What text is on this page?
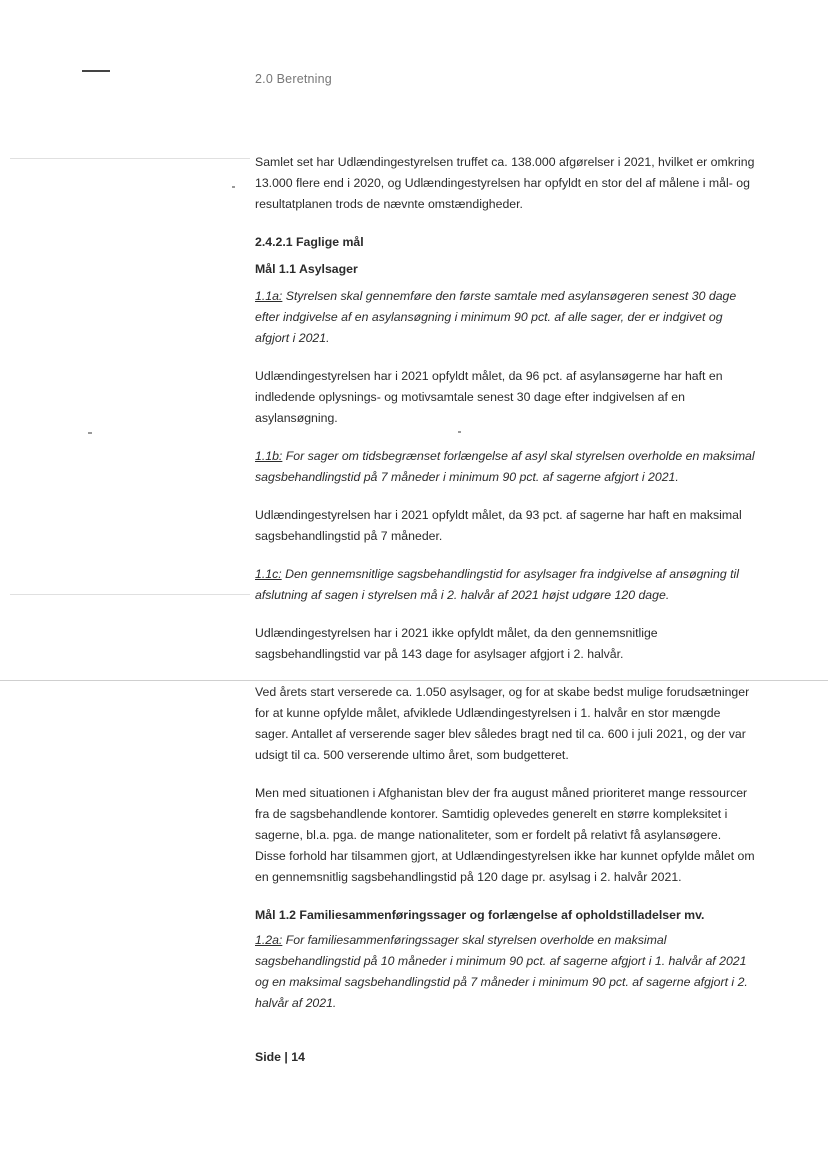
2.0 Beretning

Samlet set har Udlændingestyrelsen truffet ca. 138.000 afgørelser i 2021, hvilket er omkring 13.000 flere end i 2020, og Udlændingestyrelsen har opfyldt en stor del af målene i mål- og resultatplanen trods de nævnte omstændigheder.

2.4.2.1 Faglige mål

Mål 1.1 Asylsager

1.1a: Styrelsen skal gennemføre den første samtale med asylansøgeren senest 30 dage efter indgivelse af en asylansøgning i minimum 90 pct. af alle sager, der er indgivet og afgjort i 2021.

Udlændingestyrelsen har i 2021 opfyldt målet, da 96 pct. af asylansøgerne har haft en indledende oplysnings- og motivsamtale senest 30 dage efter indgivelsen af en asylansøgning.

1.1b: For sager om tidsbegrænset forlængelse af asyl skal styrelsen overholde en maksimal sagsbehandlingstid på 7 måneder i minimum 90 pct. af sagerne afgjort i 2021.

Udlændingestyrelsen har i 2021 opfyldt målet, da 93 pct. af sagerne har haft en maksimal sagsbehandlingstid på 7 måneder.

1.1c: Den gennemsnitlige sagsbehandlingstid for asylsager fra indgivelse af ansøgning til afslutning af sagen i styrelsen må i 2. halvår af 2021 højst udgøre 120 dage.

Udlændingestyrelsen har i 2021 ikke opfyldt målet, da den gennemsnitlige sagsbehandlingstid var på 143 dage for asylsager afgjort i 2. halvår.

Ved årets start verserede ca. 1.050 asylsager, og for at skabe bedst mulige forudsætninger for at kunne opfylde målet, afviklede Udlændingestyrelsen i 1. halvår en stor mængde sager. Antallet af verserende sager blev således bragt ned til ca. 600 i juli 2021, og der var udsigt til ca. 500 verserende ultimo året, som budgetteret.

Men med situationen i Afghanistan blev der fra august måned prioriteret mange ressourcer fra de sagsbehandlende kontorer. Samtidig oplevedes generelt en større kompleksitet i sagerne, bl.a. pga. de mange nationaliteter, som er fordelt på relativt få asylansøgere. Disse forhold har tilsammen gjort, at Udlændingestyrelsen ikke har kunnet opfylde målet om en gennemsnitlig sagsbehandlingstid på 120 dage pr. asylsag i 2. halvår 2021.

Mål 1.2 Familiesammenføringssager og forlængelse af opholdstilladelser mv.

1.2a: For familiesammenføringssager skal styrelsen overholde en maksimal sagsbehandlingstid på 10 måneder i minimum 90 pct. af sagerne afgjort i 1. halvår af 2021 og en maksimal sagsbehandlingstid på 7 måneder i minimum 90 pct. af sagerne afgjort i 2. halvår af 2021.

Side | 14
